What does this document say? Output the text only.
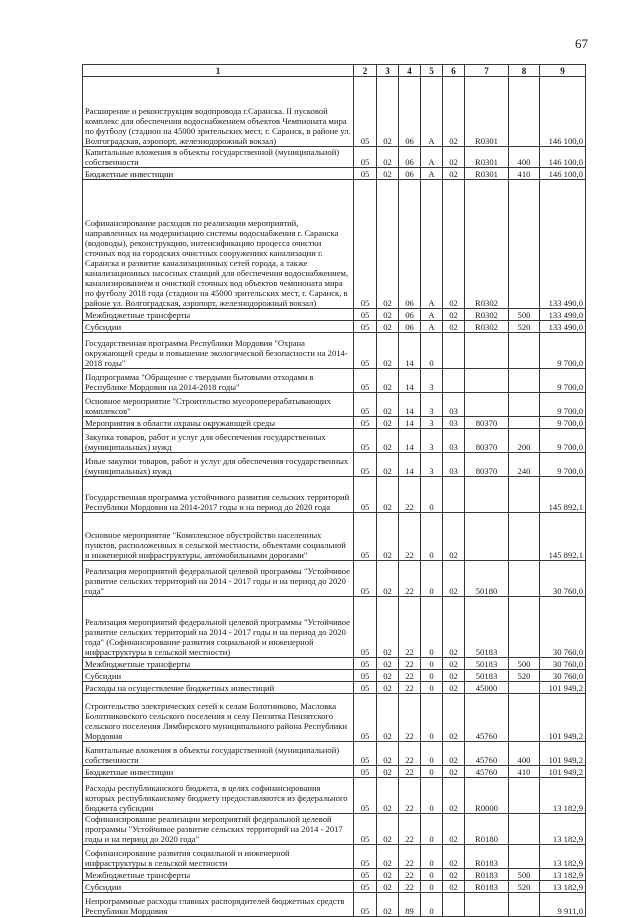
67
1	2	3	4	5	6	7	8	9
Расширение и реконструкция водопровода г.Саранска. II пусковой комплекс для обеспечения водоснабжением объектов Чемпионата мира по футболу (стадион на 45000 зрительских мест, г. Саранск, в районе ул. Волгоградская, аэропорт, железнодорожный вокзал)	05	02	06	А	02	R0301		146 100,0
Капитальные вложения в объекты государственной (муниципальной) собственности	05	02	06	А	02	R0301	400	146 100,0
Бюджетные инвестиции	05	02	06	А	02	R0301	410	146 100,0
Софинансирование расходов по реализации мероприятий, направленных на модернизацию системы водоснабжения г. Саранска (водоводы), реконструкцию, интенсификацию процесса очистки сточных вод на городских очистных сооружениях канализации г. Саранска и развитие канализационных сетей города, а также канализационных насосных станций для обеспечения водоснабжением, канализированием и очисткой сточных вод объектов чемпионата мира по футболу 2018 года (стадион на 45000 зрительских мест, г. Саранск, в районе ул. Волгоградская, аэропорт, железнодорожный вокзал)	05	02	06	А	02	R0302		133 490,0
Межбюджетные трансферты	05	02	06	А	02	R0302	500	133 490,0
Субсидии	05	02	06	А	02	R0302	520	133 490,0
Государственная программа Республики Мордовия "Охрана окружающей среды и повышение экологической безопасности на 2014-2018 годы"	05	02	14	0				9 700,0
Подпрограмма "Обращение с твердыми бытовыми отходами в Республике Мордовия на 2014-2018 годы"	05	02	14	3				9 700,0
Основное мероприятие "Строительство мусороперерабатывающих комплексов"	05	02	14	3	03			9 700,0
Мероприятия в области охраны окружающей среды	05	02	14	3	03	80370		9 700,0
Закупка товаров, работ и услуг для обеспечения государственных (муниципальных) нужд	05	02	14	3	03	80370	200	9 700,0
Иные закупки товаров, работ и услуг для обеспечения государственных (муниципальных) нужд	05	02	14	3	03	80370	240	9 700,0
Государственная программа устойчивого развития сельских территорий Республики Мордовия на 2014-2017 годы и на период до 2020 года	05	02	22	0				145 892,1
Основное мероприятие "Комплексное обустройство населенных пунктов, расположенных в сельской местности, объектами социальной и инженерной инфраструктуры, автомобильными дорогами"	05	02	22	0	02			145 892,1
Реализация мероприятий федеральной целевой программы "Устойчивое развитие сельских территорий на 2014 - 2017 годы и на период до 2020 года"	05	02	22	0	02	50180		30 760,0
Реализация мероприятий федеральной целевой программы "Устойчивое развитие сельских территорий на 2014 - 2017 годы и на период до 2020 года" (Софинансирование развития социальной и инженерной инфраструктуры в сельской местности)	05	02	22	0	02	50183		30 760,0
Межбюджетные трансферты	05	02	22	0	02	50183	500	30 760,0
Субсидии	05	02	22	0	02	50183	520	30 760,0
Расходы на осуществление бюджетных инвестиций	05	02	22	0	02	45000		101 949,2
Строительство электрических сетей к селам Болотниково, Масловка Болотниковского сельского поселения и селу Пензятка Пензятского сельского поселения Лямбирского муниципального района Республики Мордовия	05	02	22	0	02	45760		101 949,2
Капитальные вложения в объекты государственной (муниципальной) собственности	05	02	22	0	02	45760	400	101 949,2
Бюджетные инвестиции	05	02	22	0	02	45760	410	101 949,2
Расходы республиканского бюджета, в целях софинансирования которых республиканскому бюджету предоставляются из федерального бюджета субсидии	05	02	22	0	02	R0000		13 182,9
Софинансирование реализации мероприятий федеральной целевой программы "Устойчивое развитие сельских территорий на 2014 - 2017 годы и на период до 2020 года"	05	02	22	0	02	R0180		13 182,9
Софинансирование развития социальной и инженерной инфраструктуры в сельской местности	05	02	22	0	02	R0183		13 182,9
Межбюджетные трансферты	05	02	22	0	02	R0183	500	13 182,9
Субсидии	05	02	22	0	02	R0183	520	13 182,9
Непрограммные расходы главных распорядителей бюджетных средств Республики Мордовия	05	02	89	0				9 911,0
